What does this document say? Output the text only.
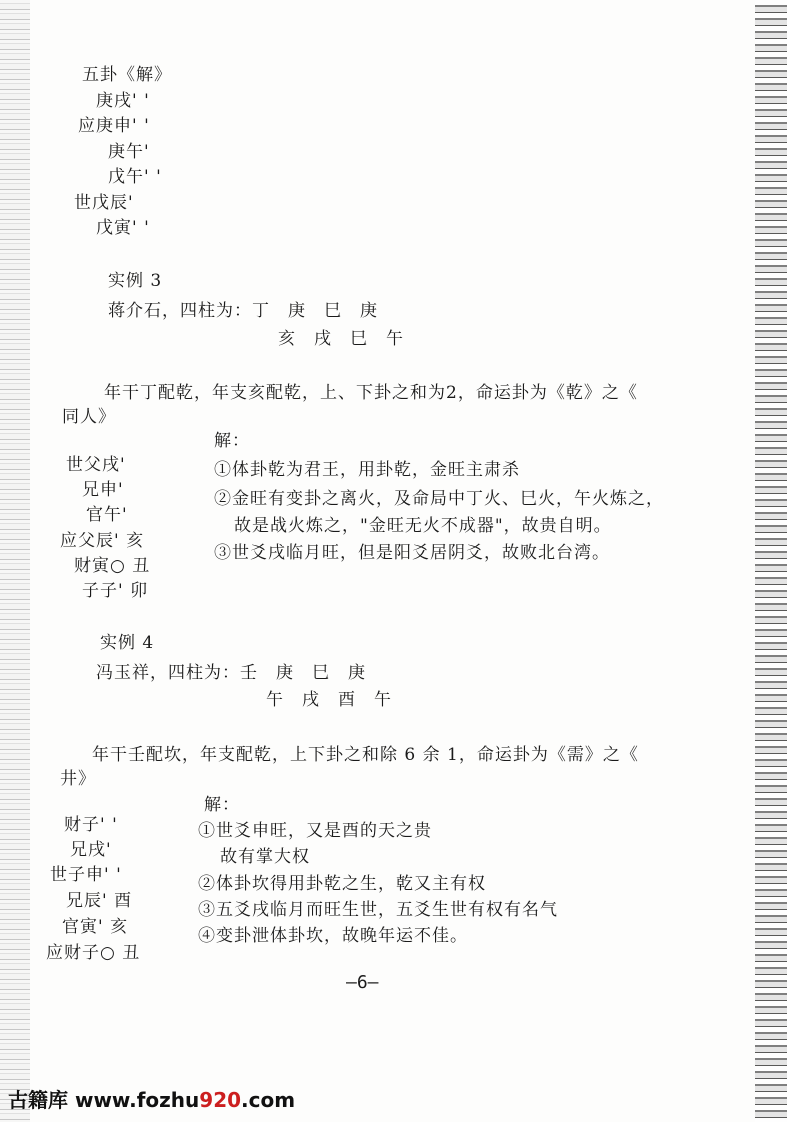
五卦《解》
庚戌' '
应庚申' '
庚午'
戊午' '
世戊辰'
戊寅' '
实例 3
蒋介石，四柱为：丁　庚　巳　庚
亥　戌　巳　午
年干丁配乾，年支亥配乾，上、下卦之和为2，命运卦为《乾》之《
同人》
解：
世父戌'
兄申'
官午'
应父辰' 亥
财寅○ 丑
子子' 卯
①体卦乾为君王，用卦乾，金旺主肃杀
②金旺有变卦之离火，及命局中丁火、巳火，午火炼之，
故是战火炼之，"金旺无火不成器"，故贵自明。
③世爻戌临月旺，但是阳爻居阴爻，故败北台湾。
实例 4
冯玉祥，四柱为：壬　庚　巳　庚
午　戌　酉　午
年干壬配坎，年支配乾，上下卦之和除 6 余 1，命运卦为《需》之《
井》
解：
财子' '
兄戌'
世子申' '
兄辰' 酉
官寅' 亥
应财子○ 丑
①世爻申旺，又是酉的天之贵
故有掌大权
②体卦坎得用卦乾之生，乾又主有权
③五爻戌临月而旺生世，五爻生世有权有名气
④变卦泄体卦坎，故晚年运不佳。
—6—
古籍库 www.fozhu920.com
